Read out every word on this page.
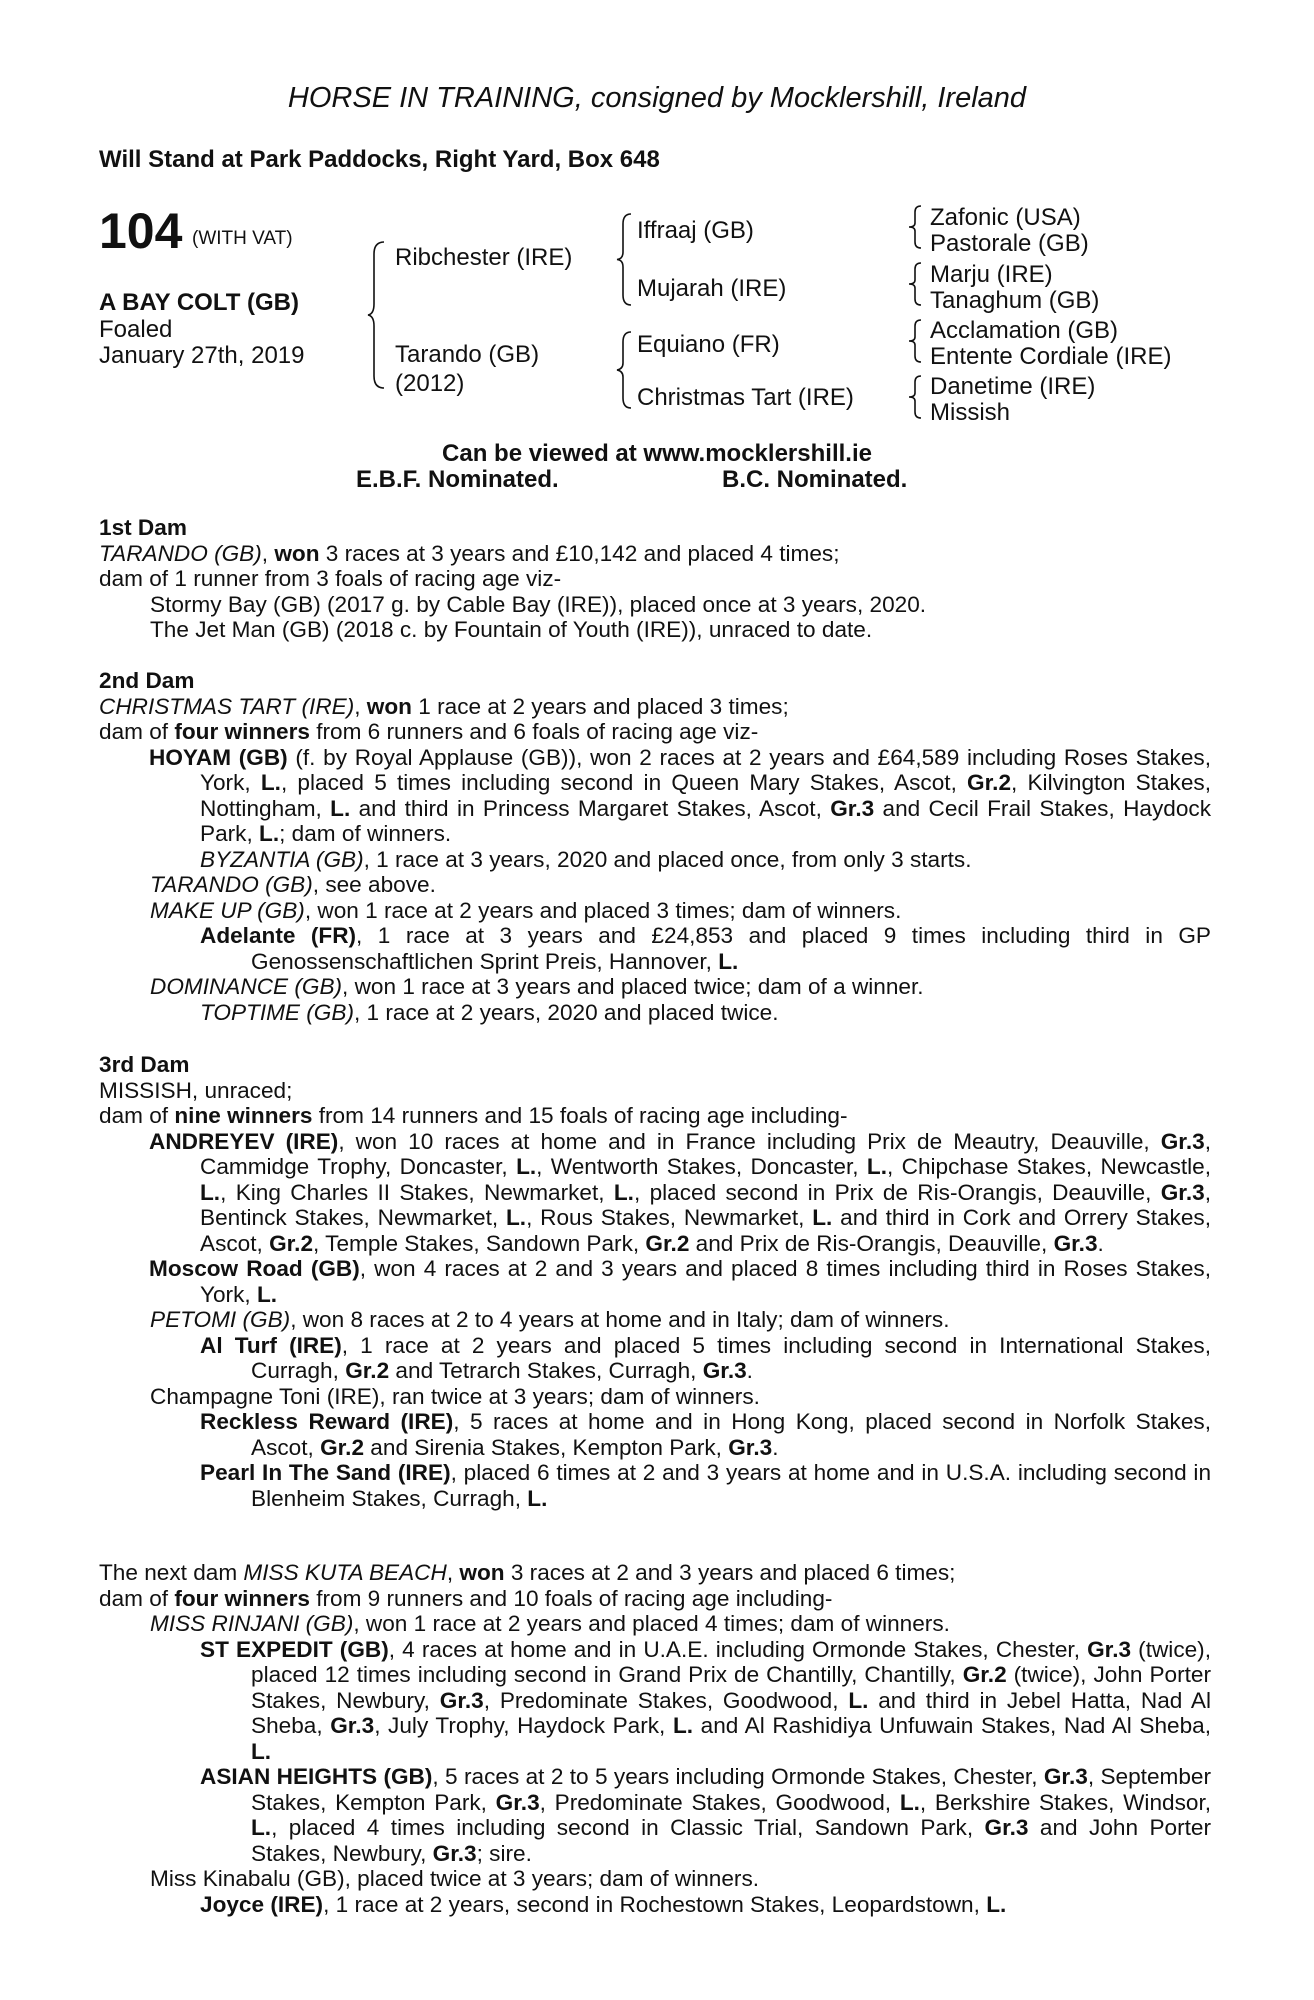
HORSE IN TRAINING, consigned by Mocklershill, Ireland
Will Stand at Park Paddocks, Right Yard, Box 648
104 (WITH VAT)
A BAY COLT (GB)
Foaled
January 27th, 2019
Ribchester (IRE)
Tarando (GB)
(2012)
Iffraaj (GB)
Mujarah (IRE)
Equiano (FR)
Christmas Tart (IRE)
Zafonic (USA)
Pastorale (GB)
Marju (IRE)
Tanaghum (GB)
Acclamation (GB)
Entente Cordiale (IRE)
Danetime (IRE)
Missish
Can be viewed at www.mocklershill.ie
E.B.F. Nominated.	B.C. Nominated.

1st Dam

TARANDO (GB), won 3 races at 3 years and £10,142 and placed 4 times;

dam of 1 runner from 3 foals of racing age viz-

Stormy Bay (GB) (2017 g. by Cable Bay (IRE)), placed once at 3 years, 2020.

The Jet Man (GB) (2018 c. by Fountain of Youth (IRE)), unraced to date.

2nd Dam

CHRISTMAS TART (IRE), won 1 race at 2 years and placed 3 times;

dam of four winners from 6 runners and 6 foals of racing age viz-

HOYAM (GB) (f. by Royal Applause (GB)), won 2 races at 2 years and £64,589 including Roses Stakes, York, L., placed 5 times including second in Queen Mary Stakes, Ascot, Gr.2, Kilvington Stakes, Nottingham, L. and third in Princess Margaret Stakes, Ascot, Gr.3 and Cecil Frail Stakes, Haydock Park, L.; dam of winners.

BYZANTIA (GB), 1 race at 3 years, 2020 and placed once, from only 3 starts.

TARANDO (GB), see above.

MAKE UP (GB), won 1 race at 2 years and placed 3 times; dam of winners.

Adelante (FR), 1 race at 3 years and £24,853 and placed 9 times including third in GP Genossenschaftlichen Sprint Preis, Hannover, L.

DOMINANCE (GB), won 1 race at 3 years and placed twice; dam of a winner.

TOPTIME (GB), 1 race at 2 years, 2020 and placed twice.

3rd Dam

MISSISH, unraced;

dam of nine winners from 14 runners and 15 foals of racing age including-

ANDREYEV (IRE), won 10 races at home and in France including Prix de Meautry, Deauville, Gr.3, Cammidge Trophy, Doncaster, L., Wentworth Stakes, Doncaster, L., Chipchase Stakes, Newcastle, L., King Charles II Stakes, Newmarket, L., placed second in Prix de Ris-Orangis, Deauville, Gr.3, Bentinck Stakes, Newmarket, L., Rous Stakes, Newmarket, L. and third in Cork and Orrery Stakes, Ascot, Gr.2, Temple Stakes, Sandown Park, Gr.2 and Prix de Ris-Orangis, Deauville, Gr.3.

Moscow Road (GB), won 4 races at 2 and 3 years and placed 8 times including third in Roses Stakes, York, L.

PETOMI (GB), won 8 races at 2 to 4 years at home and in Italy; dam of winners.

Al Turf (IRE), 1 race at 2 years and placed 5 times including second in International Stakes, Curragh, Gr.2 and Tetrarch Stakes, Curragh, Gr.3.

Champagne Toni (IRE), ran twice at 3 years; dam of winners.

Reckless Reward (IRE), 5 races at home and in Hong Kong, placed second in Norfolk Stakes, Ascot, Gr.2 and Sirenia Stakes, Kempton Park, Gr.3.

Pearl In The Sand (IRE), placed 6 times at 2 and 3 years at home and in U.S.A. including second in Blenheim Stakes, Curragh, L.

The next dam MISS KUTA BEACH, won 3 races at 2 and 3 years and placed 6 times;

dam of four winners from 9 runners and 10 foals of racing age including-

MISS RINJANI (GB), won 1 race at 2 years and placed 4 times; dam of winners.

ST EXPEDIT (GB), 4 races at home and in U.A.E. including Ormonde Stakes, Chester, Gr.3 (twice), placed 12 times including second in Grand Prix de Chantilly, Chantilly, Gr.2 (twice), John Porter Stakes, Newbury, Gr.3, Predominate Stakes, Goodwood, L. and third in Jebel Hatta, Nad Al Sheba, Gr.3, July Trophy, Haydock Park, L. and Al Rashidiya Unfuwain Stakes, Nad Al Sheba, L.

ASIAN HEIGHTS (GB), 5 races at 2 to 5 years including Ormonde Stakes, Chester, Gr.3, September Stakes, Kempton Park, Gr.3, Predominate Stakes, Goodwood, L., Berkshire Stakes, Windsor, L., placed 4 times including second in Classic Trial, Sandown Park, Gr.3 and John Porter Stakes, Newbury, Gr.3; sire.

Miss Kinabalu (GB), placed twice at 3 years; dam of winners.

Joyce (IRE), 1 race at 2 years, second in Rochestown Stakes, Leopardstown, L.
